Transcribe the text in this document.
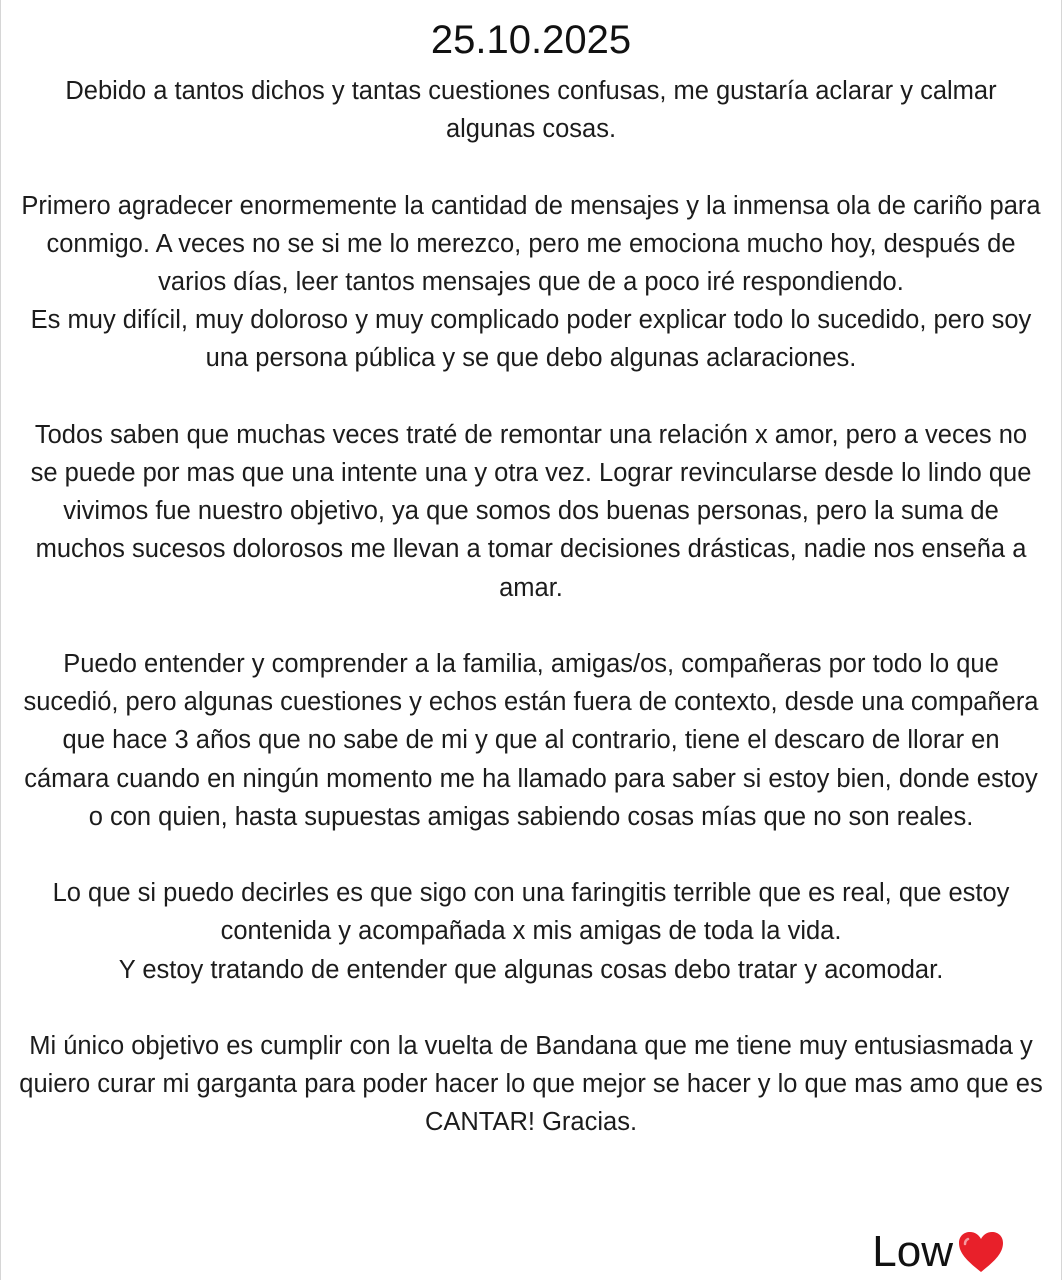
25.10.2025

Debido a tantos dichos y tantas cuestiones confusas, me gustaría aclarar y calmar algunas cosas.

Primero agradecer enormemente la cantidad de mensajes y la inmensa ola de cariño para conmigo. A veces no se si me lo merezco, pero me emociona mucho hoy, después de varios días, leer tantos mensajes que de a poco iré respondiendo.

Es muy difícil, muy doloroso y muy complicado poder explicar todo lo sucedido, pero soy una persona pública y se que debo algunas aclaraciones.

Todos saben que muchas veces traté de remontar una relación x amor, pero a veces no se puede por mas que una intente una y otra vez. Lograr revincularse desde lo lindo que vivimos fue nuestro objetivo, ya que somos dos buenas personas, pero la suma de muchos sucesos dolorosos me llevan a tomar decisiones drásticas, nadie nos enseña a amar.

Puedo entender y comprender a la familia, amigas/os, compañeras por todo lo que sucedió, pero algunas cuestiones y echos están fuera de contexto, desde una compañera que hace 3 años que no sabe de mi y que al contrario, tiene el descaro de llorar en cámara cuando en ningún momento me ha llamado para saber si estoy bien, donde estoy o con quien, hasta supuestas amigas sabiendo cosas mías que no son reales.

Lo que si puedo decirles es que sigo con una faringitis terrible que es real, que estoy contenida y acompañada x mis amigas de toda la vida.

Y estoy tratando de entender que algunas cosas debo tratar y acomodar.

Mi único objetivo es cumplir con la vuelta de Bandana que me tiene muy entusiasmada y quiero curar mi garganta para poder hacer lo que mejor se hacer y lo que mas amo que es CANTAR! Gracias.

Low
